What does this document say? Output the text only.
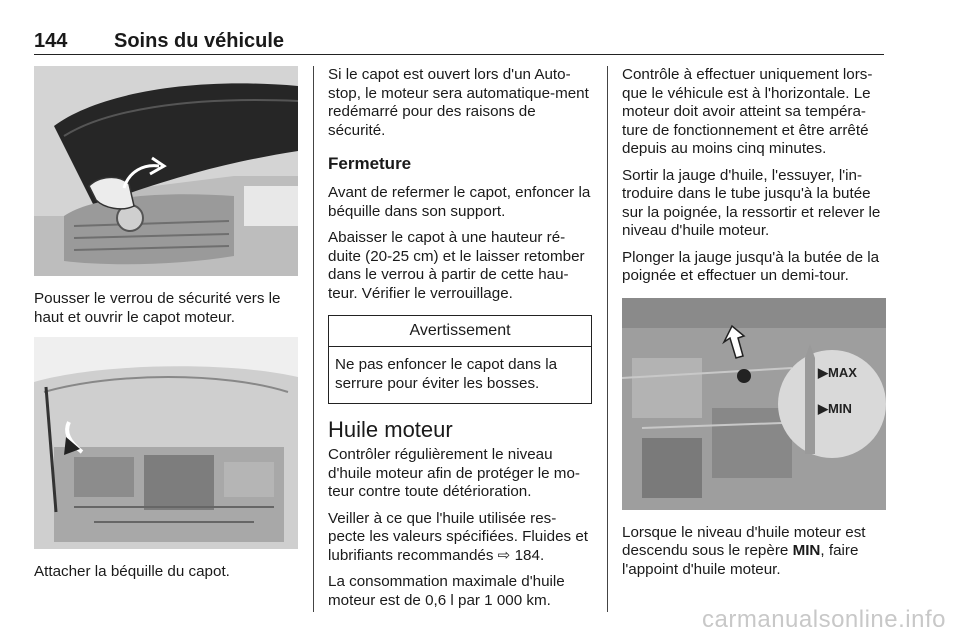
144 Soins du véhicule

Pousser le verrou de sécurité vers le haut et ouvrir le capot moteur.

Attacher la béquille du capot.

Si le capot est ouvert lors d'un Auto-stop, le moteur sera automatique-ment redémarré pour des raisons de sécurité.

Fermeture

Avant de refermer le capot, enfoncer la béquille dans son support.

Abaisser le capot à une hauteur ré-duite (20-25 cm) et le laisser retomber dans le verrou à partir de cette hau-teur. Vérifier le verrouillage.

Avertissement
Ne pas enfoncer le capot dans la serrure pour éviter les bosses.
Huile moteur

Contrôler régulièrement le niveau d'huile moteur afin de protéger le mo-teur contre toute détérioration.

Veiller à ce que l'huile utilisée res-pecte les valeurs spécifiées. Fluides et lubrifiants recommandés ⇨ 184.

La consommation maximale d'huile moteur est de 0,6 l par 1 000 km.

Contrôle à effectuer uniquement lors-que le véhicule est à l'horizontale. Le moteur doit avoir atteint sa tempéra-ture de fonctionnement et être arrêté depuis au moins cinq minutes.

Sortir la jauge d'huile, l'essuyer, l'in-troduire dans le tube jusqu'à la butée sur la poignée, la ressortir et relever le niveau d'huile moteur.

Plonger la jauge jusqu'à la butée de la poignée et effectuer un demi-tour.

▶MAX
▶MIN

Lorsque le niveau d'huile moteur est descendu sous le repère MIN, faire l'appoint d'huile moteur.

carmanualsonline.info
